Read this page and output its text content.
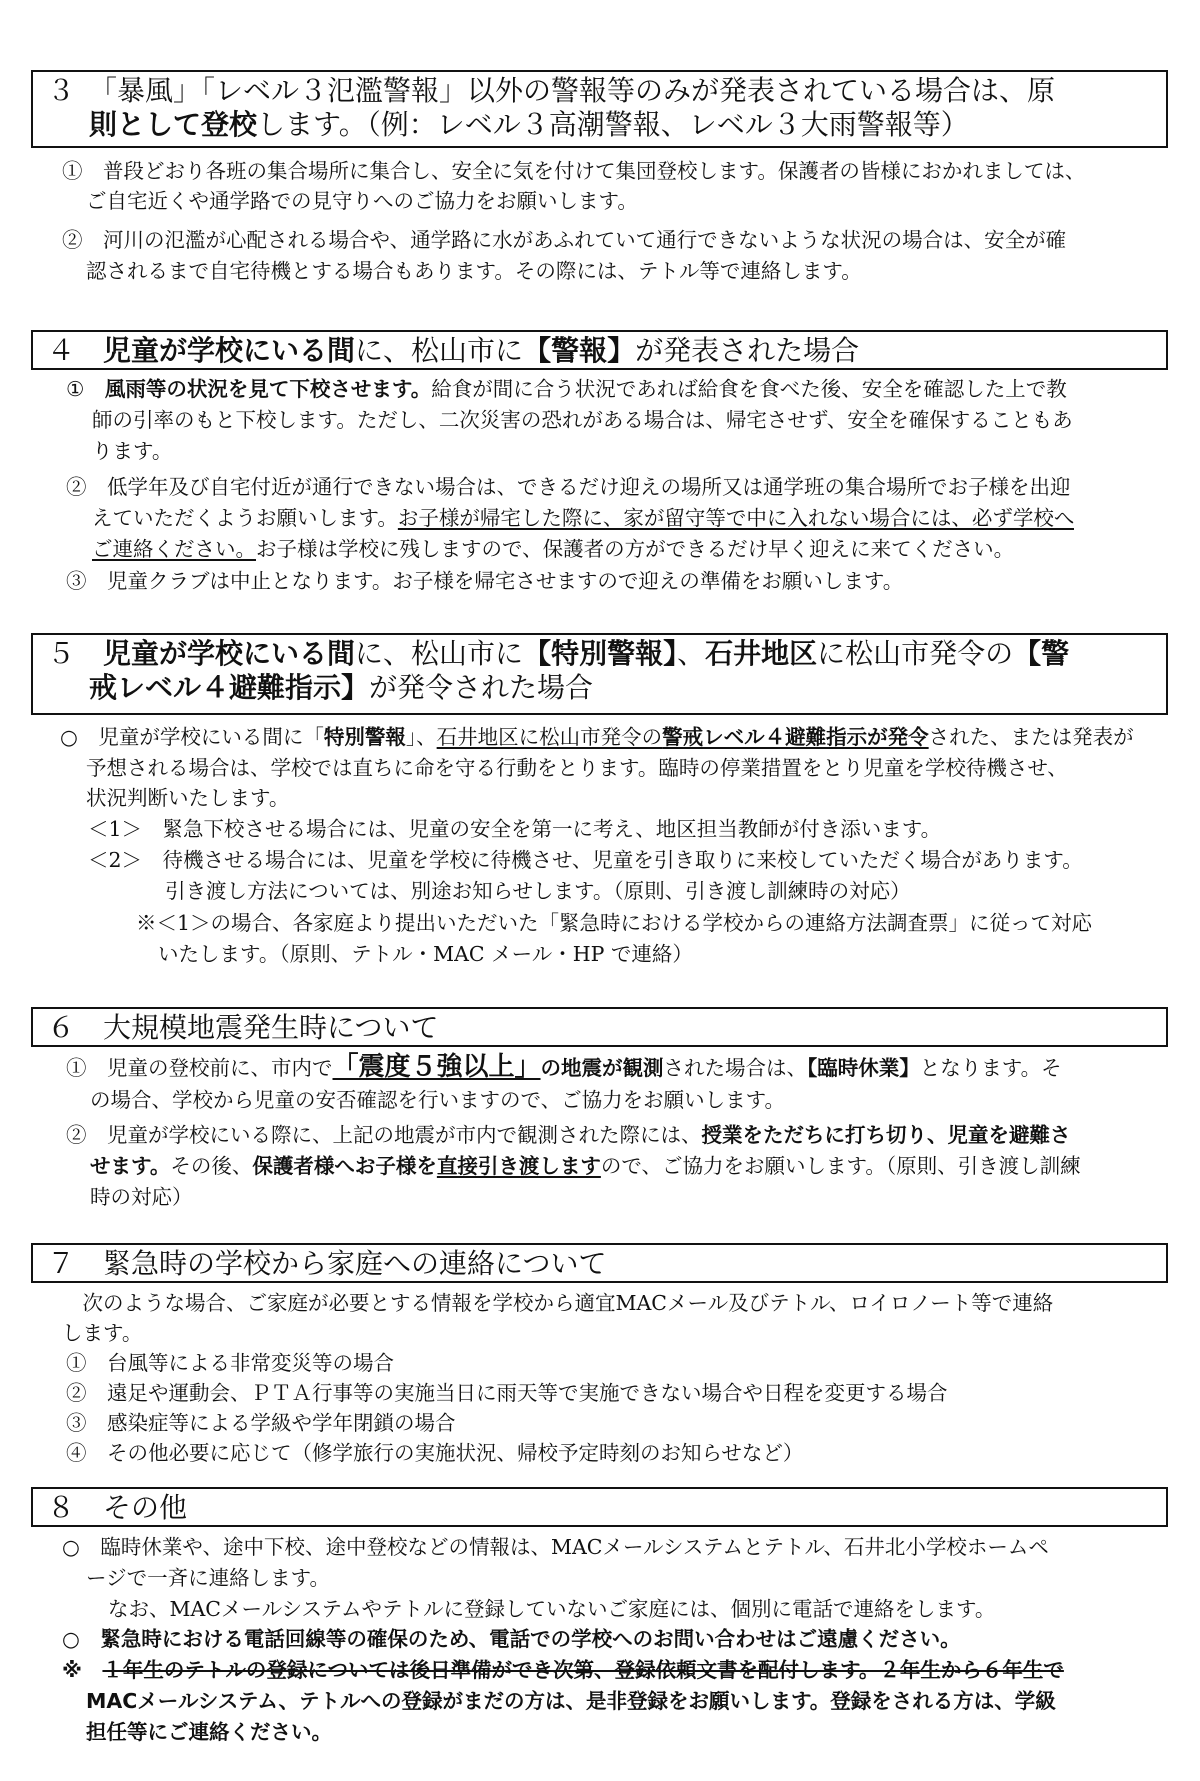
３　 「暴風」「レベル３氾濫警報」以外の警報等のみが発表されている場合は、原
則として登校します。（例：レベル３高潮警報、レベル３大雨警報等）
①　普段どおり各班の集合場所に集合し、安全に気を付けて集団登校します。保護者の皆様におかれましては、
ご自宅近くや通学路での見守りへのご協力をお願いします。
②　河川の氾濫が心配される場合や、通学路に水があふれていて通行できないような状況の場合は、安全が確
認されるまで自宅待機とする場合もあります。その際には、テトル等で連絡します。
４　 児童が学校にいる間に、松山市に【警報】が発表された場合
①　風雨等の状況を見て下校させます。給食が間に合う状況であれば給食を食べた後、安全を確認した上で教
師の引率のもと下校します。ただし、二次災害の恐れがある場合は、帰宅させず、安全を確保することもあ
ります。
②　低学年及び自宅付近が通行できない場合は、できるだけ迎えの場所又は通学班の集合場所でお子様を出迎
えていただくようお願いします。お子様が帰宅した際に、家が留守等で中に入れない場合には、必ず学校へ
ご連絡ください。お子様は学校に残しますので、保護者の方ができるだけ早く迎えに来てください。
③　児童クラブは中止となります。お子様を帰宅させますので迎えの準備をお願いします。
５　 児童が学校にいる間に、松山市に【特別警報】、石井地区に松山市発令の【警
戒レベル４避難指示】が発令された場合
○　児童が学校にいる間に「特別警報」、石井地区に松山市発令の警戒レベル４避難指示が発令された、または発表が
予想される場合は、学校では直ちに命を守る行動をとります。臨時の停業措置をとり児童を学校待機させ、
状況判断いたします。
＜1＞　緊急下校させる場合には、児童の安全を第一に考え、地区担当教師が付き添います。
＜2＞　待機させる場合には、児童を学校に待機させ、児童を引き取りに来校していただく場合があります。
引き渡し方法については、別途お知らせします。（原則、引き渡し訓練時の対応）
※＜1＞の場合、各家庭より提出いただいた「緊急時における学校からの連絡方法調査票」に従って対応
いたします。（原則、テトル・MAC メール・HP で連絡）
６　 大規模地震発生時について
①　児童の登校前に、市内で「震度５強以上」の地震が観測された場合は、【臨時休業】となります。そ
の場合、学校から児童の安否確認を行いますので、ご協力をお願いします。
②　児童が学校にいる際に、上記の地震が市内で観測された際には、授業をただちに打ち切り、児童を避難さ
せます。その後、保護者様へお子様を直接引き渡しますので、ご協力をお願いします。（原則、引き渡し訓練
時の対応）
７　 緊急時の学校から家庭への連絡について
　次のような場合、ご家庭が必要とする情報を学校から適宜MACメール及びテトル、ロイロノート等で連絡
します。
①　台風等による非常変災等の場合
②　遠足や運動会、ＰＴＡ行事等の実施当日に雨天等で実施できない場合や日程を変更する場合
③　感染症等による学級や学年閉鎖の場合
④　その他必要に応じて（修学旅行の実施状況、帰校予定時刻のお知らせなど）
８　 その他
○　臨時休業や、途中下校、途中登校などの情報は、MACメールシステムとテトル、石井北小学校ホームペ
ージで一斉に連絡します。
なお、MACメールシステムやテトルに登録していないご家庭には、個別に電話で連絡をします。
○　緊急時における電話回線等の確保のため、電話での学校へのお問い合わせはご遠慮ください。
※　１年生のテトルの登録については後日準備ができ次第、登録依頼文書を配付します。２年生から６年生で
MACメールシステム、テトルへの登録がまだの方は、是非登録をお願いします。登録をされる方は、学級
担任等にご連絡ください。
